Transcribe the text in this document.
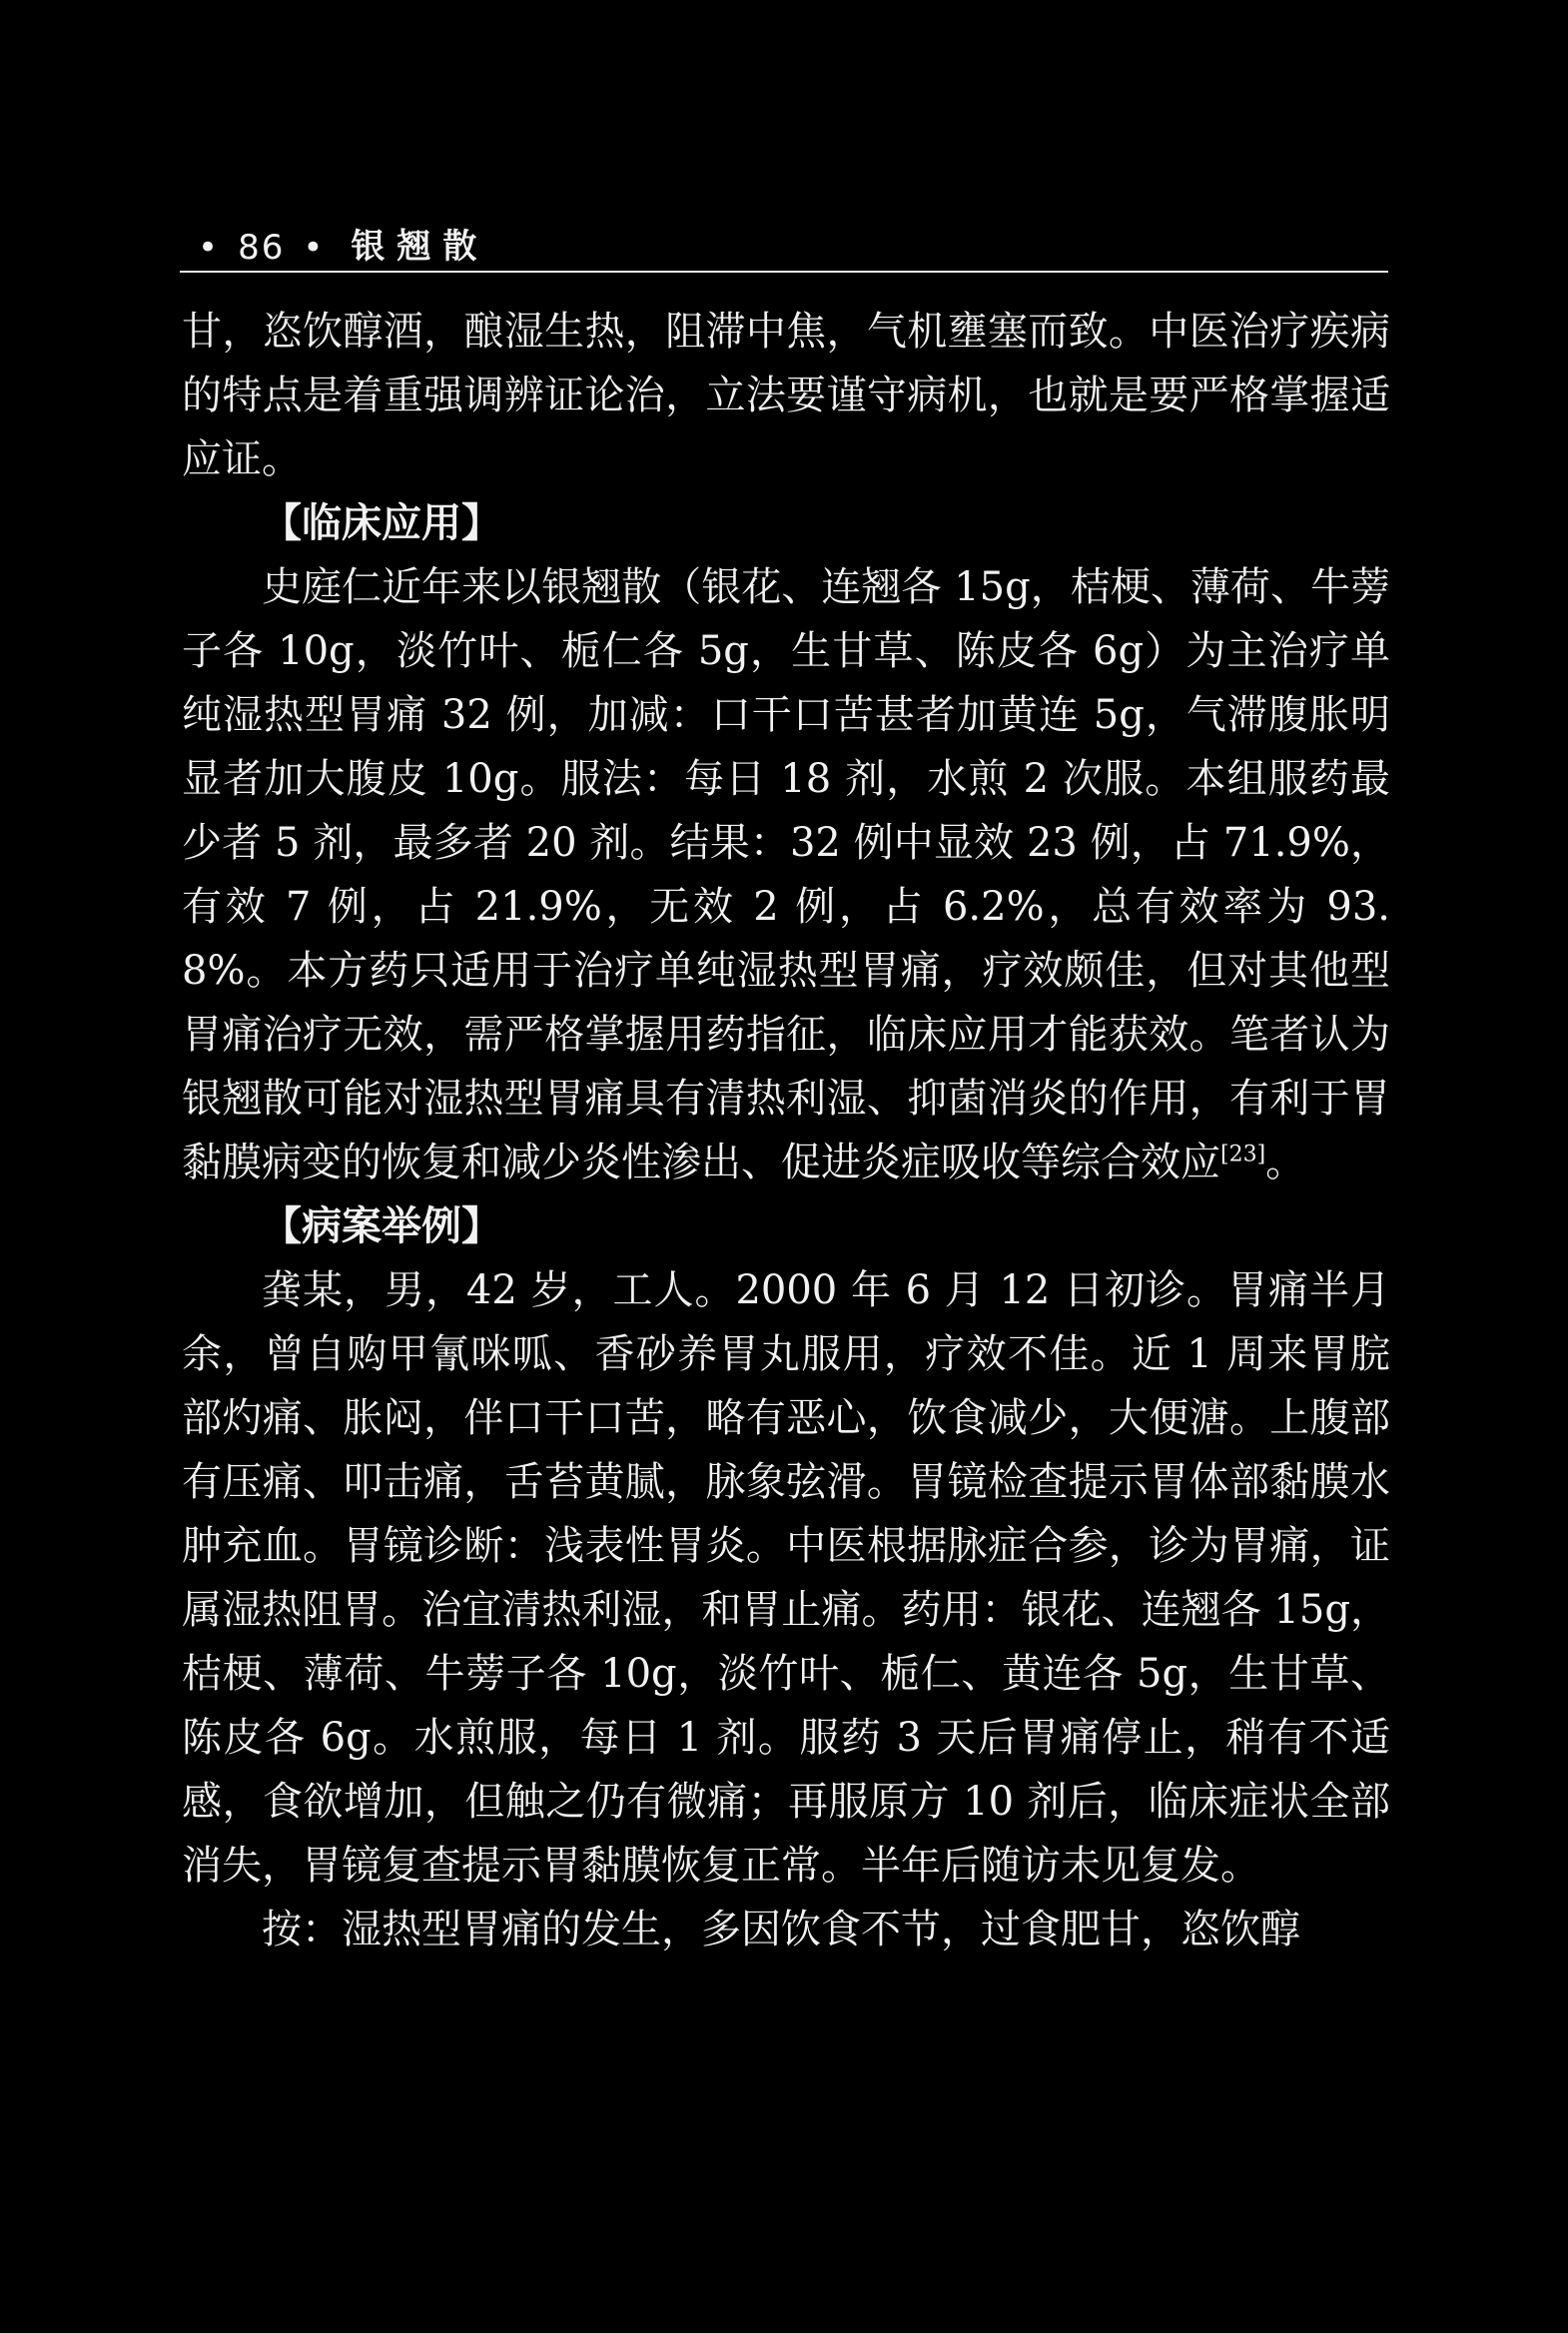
• 86 • 银翘散

甘，恣饮醇酒，酿湿生热，阻滞中焦，气机壅塞而致。中医治疗疾病的特点是着重强调辨证论治，立法要谨守病机，也就是要严格掌握适应证。

【临床应用】

史庭仁近年来以银翘散（银花、连翘各 15g，桔梗、薄荷、牛蒡子各 10g，淡竹叶、栀仁各 5g，生甘草、陈皮各 6g）为主治疗单纯湿热型胃痛 32 例，加减：口干口苦甚者加黄连 5g，气滞腹胀明显者加大腹皮 10g。服法：每日 18 剂，水煎 2 次服。本组服药最少者 5 剂，最多者 20 剂。结果：32 例中显效 23 例，占 71.9%，有效 7 例，占 21.9%，无效 2 例，占 6.2%，总有效率为 93.8%。本方药只适用于治疗单纯湿热型胃痛，疗效颇佳，但对其他型胃痛治疗无效，需严格掌握用药指征，临床应用才能获效。笔者认为银翘散可能对湿热型胃痛具有清热利湿、抑菌消炎的作用，有利于胃黏膜病变的恢复和减少炎性渗出、促进炎症吸收等综合效应[23]。

【病案举例】

龚某，男，42 岁，工人。2000 年 6 月 12 日初诊。胃痛半月余，曾自购甲氰咪呱、香砂养胃丸服用，疗效不佳。近 1 周来胃脘部灼痛、胀闷，伴口干口苦，略有恶心，饮食减少，大便溏。上腹部有压痛、叩击痛，舌苔黄腻，脉象弦滑。胃镜检查提示胃体部黏膜水肿充血。胃镜诊断：浅表性胃炎。中医根据脉症合参，诊为胃痛，证属湿热阻胃。治宜清热利湿，和胃止痛。药用：银花、连翘各 15g，桔梗、薄荷、牛蒡子各 10g，淡竹叶、栀仁、黄连各 5g，生甘草、陈皮各 6g。水煎服，每日 1 剂。服药 3 天后胃痛停止，稍有不适感，食欲增加，但触之仍有微痛；再服原方 10 剂后，临床症状全部消失，胃镜复查提示胃黏膜恢复正常。半年后随访未见复发。

按：湿热型胃痛的发生，多因饮食不节，过食肥甘，恣饮醇
